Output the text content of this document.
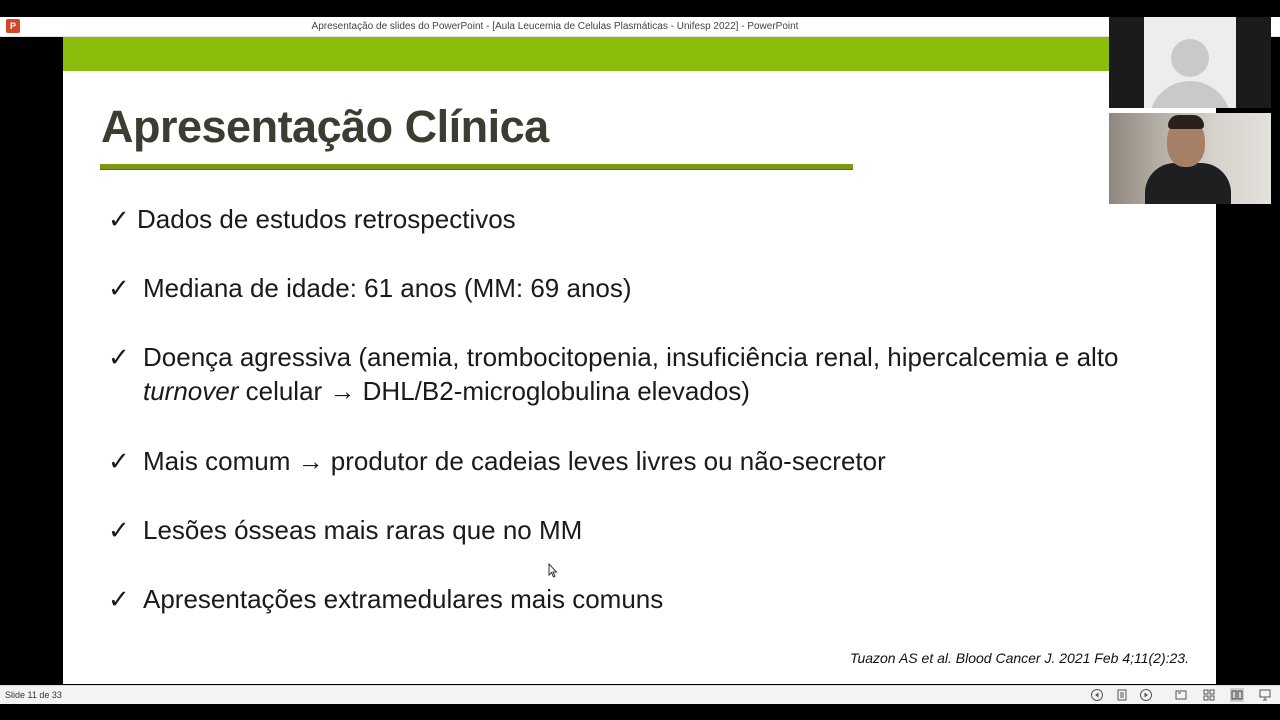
P	Apresentação de slides do PowerPoint - [Aula Leucemia de Celulas Plasmáticas - Unifesp 2022] - PowerPoint
Apresentação Clínica
✓ Dados de estudos retrospectivos
✓ Mediana de idade: 61 anos (MM: 69 anos)
✓ Doença agressiva (anemia, trombocitopenia, insuficiência renal, hipercalcemia e alto turnover celular → DHL/B2-microglobulina elevados)
✓ Mais comum → produtor de cadeias leves livres ou não-secretor
✓ Lesões ósseas mais raras que no MM
✓ Apresentações extramedulares mais comuns
Tuazon AS et al. Blood Cancer J. 2021 Feb 4;11(2):23.
Slide 11 de 33
